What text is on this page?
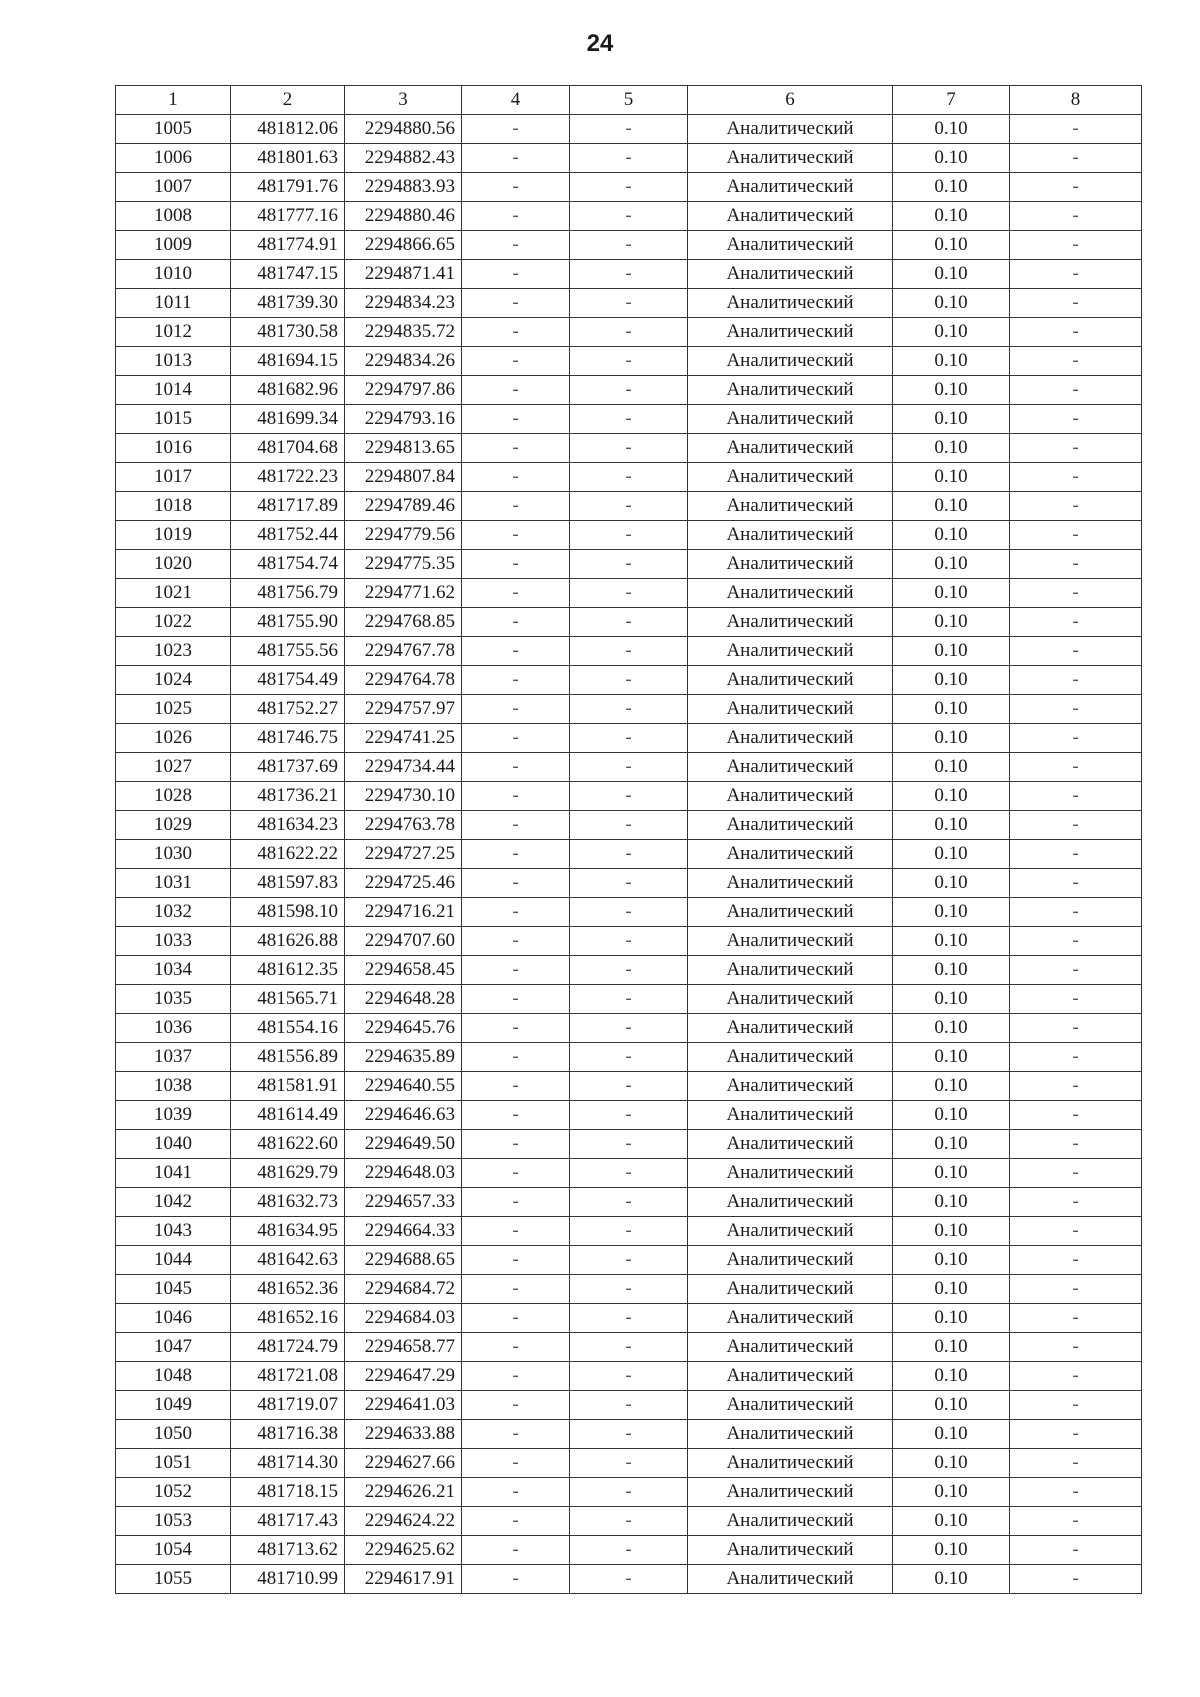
24
1	2	3	4	5	6	7	8
1005	481812.06	2294880.56	-	-	Аналитический	0.10	-
1006	481801.63	2294882.43	-	-	Аналитический	0.10	-
1007	481791.76	2294883.93	-	-	Аналитический	0.10	-
1008	481777.16	2294880.46	-	-	Аналитический	0.10	-
1009	481774.91	2294866.65	-	-	Аналитический	0.10	-
1010	481747.15	2294871.41	-	-	Аналитический	0.10	-
1011	481739.30	2294834.23	-	-	Аналитический	0.10	-
1012	481730.58	2294835.72	-	-	Аналитический	0.10	-
1013	481694.15	2294834.26	-	-	Аналитический	0.10	-
1014	481682.96	2294797.86	-	-	Аналитический	0.10	-
1015	481699.34	2294793.16	-	-	Аналитический	0.10	-
1016	481704.68	2294813.65	-	-	Аналитический	0.10	-
1017	481722.23	2294807.84	-	-	Аналитический	0.10	-
1018	481717.89	2294789.46	-	-	Аналитический	0.10	-
1019	481752.44	2294779.56	-	-	Аналитический	0.10	-
1020	481754.74	2294775.35	-	-	Аналитический	0.10	-
1021	481756.79	2294771.62	-	-	Аналитический	0.10	-
1022	481755.90	2294768.85	-	-	Аналитический	0.10	-
1023	481755.56	2294767.78	-	-	Аналитический	0.10	-
1024	481754.49	2294764.78	-	-	Аналитический	0.10	-
1025	481752.27	2294757.97	-	-	Аналитический	0.10	-
1026	481746.75	2294741.25	-	-	Аналитический	0.10	-
1027	481737.69	2294734.44	-	-	Аналитический	0.10	-
1028	481736.21	2294730.10	-	-	Аналитический	0.10	-
1029	481634.23	2294763.78	-	-	Аналитический	0.10	-
1030	481622.22	2294727.25	-	-	Аналитический	0.10	-
1031	481597.83	2294725.46	-	-	Аналитический	0.10	-
1032	481598.10	2294716.21	-	-	Аналитический	0.10	-
1033	481626.88	2294707.60	-	-	Аналитический	0.10	-
1034	481612.35	2294658.45	-	-	Аналитический	0.10	-
1035	481565.71	2294648.28	-	-	Аналитический	0.10	-
1036	481554.16	2294645.76	-	-	Аналитический	0.10	-
1037	481556.89	2294635.89	-	-	Аналитический	0.10	-
1038	481581.91	2294640.55	-	-	Аналитический	0.10	-
1039	481614.49	2294646.63	-	-	Аналитический	0.10	-
1040	481622.60	2294649.50	-	-	Аналитический	0.10	-
1041	481629.79	2294648.03	-	-	Аналитический	0.10	-
1042	481632.73	2294657.33	-	-	Аналитический	0.10	-
1043	481634.95	2294664.33	-	-	Аналитический	0.10	-
1044	481642.63	2294688.65	-	-	Аналитический	0.10	-
1045	481652.36	2294684.72	-	-	Аналитический	0.10	-
1046	481652.16	2294684.03	-	-	Аналитический	0.10	-
1047	481724.79	2294658.77	-	-	Аналитический	0.10	-
1048	481721.08	2294647.29	-	-	Аналитический	0.10	-
1049	481719.07	2294641.03	-	-	Аналитический	0.10	-
1050	481716.38	2294633.88	-	-	Аналитический	0.10	-
1051	481714.30	2294627.66	-	-	Аналитический	0.10	-
1052	481718.15	2294626.21	-	-	Аналитический	0.10	-
1053	481717.43	2294624.22	-	-	Аналитический	0.10	-
1054	481713.62	2294625.62	-	-	Аналитический	0.10	-
1055	481710.99	2294617.91	-	-	Аналитический	0.10	-
